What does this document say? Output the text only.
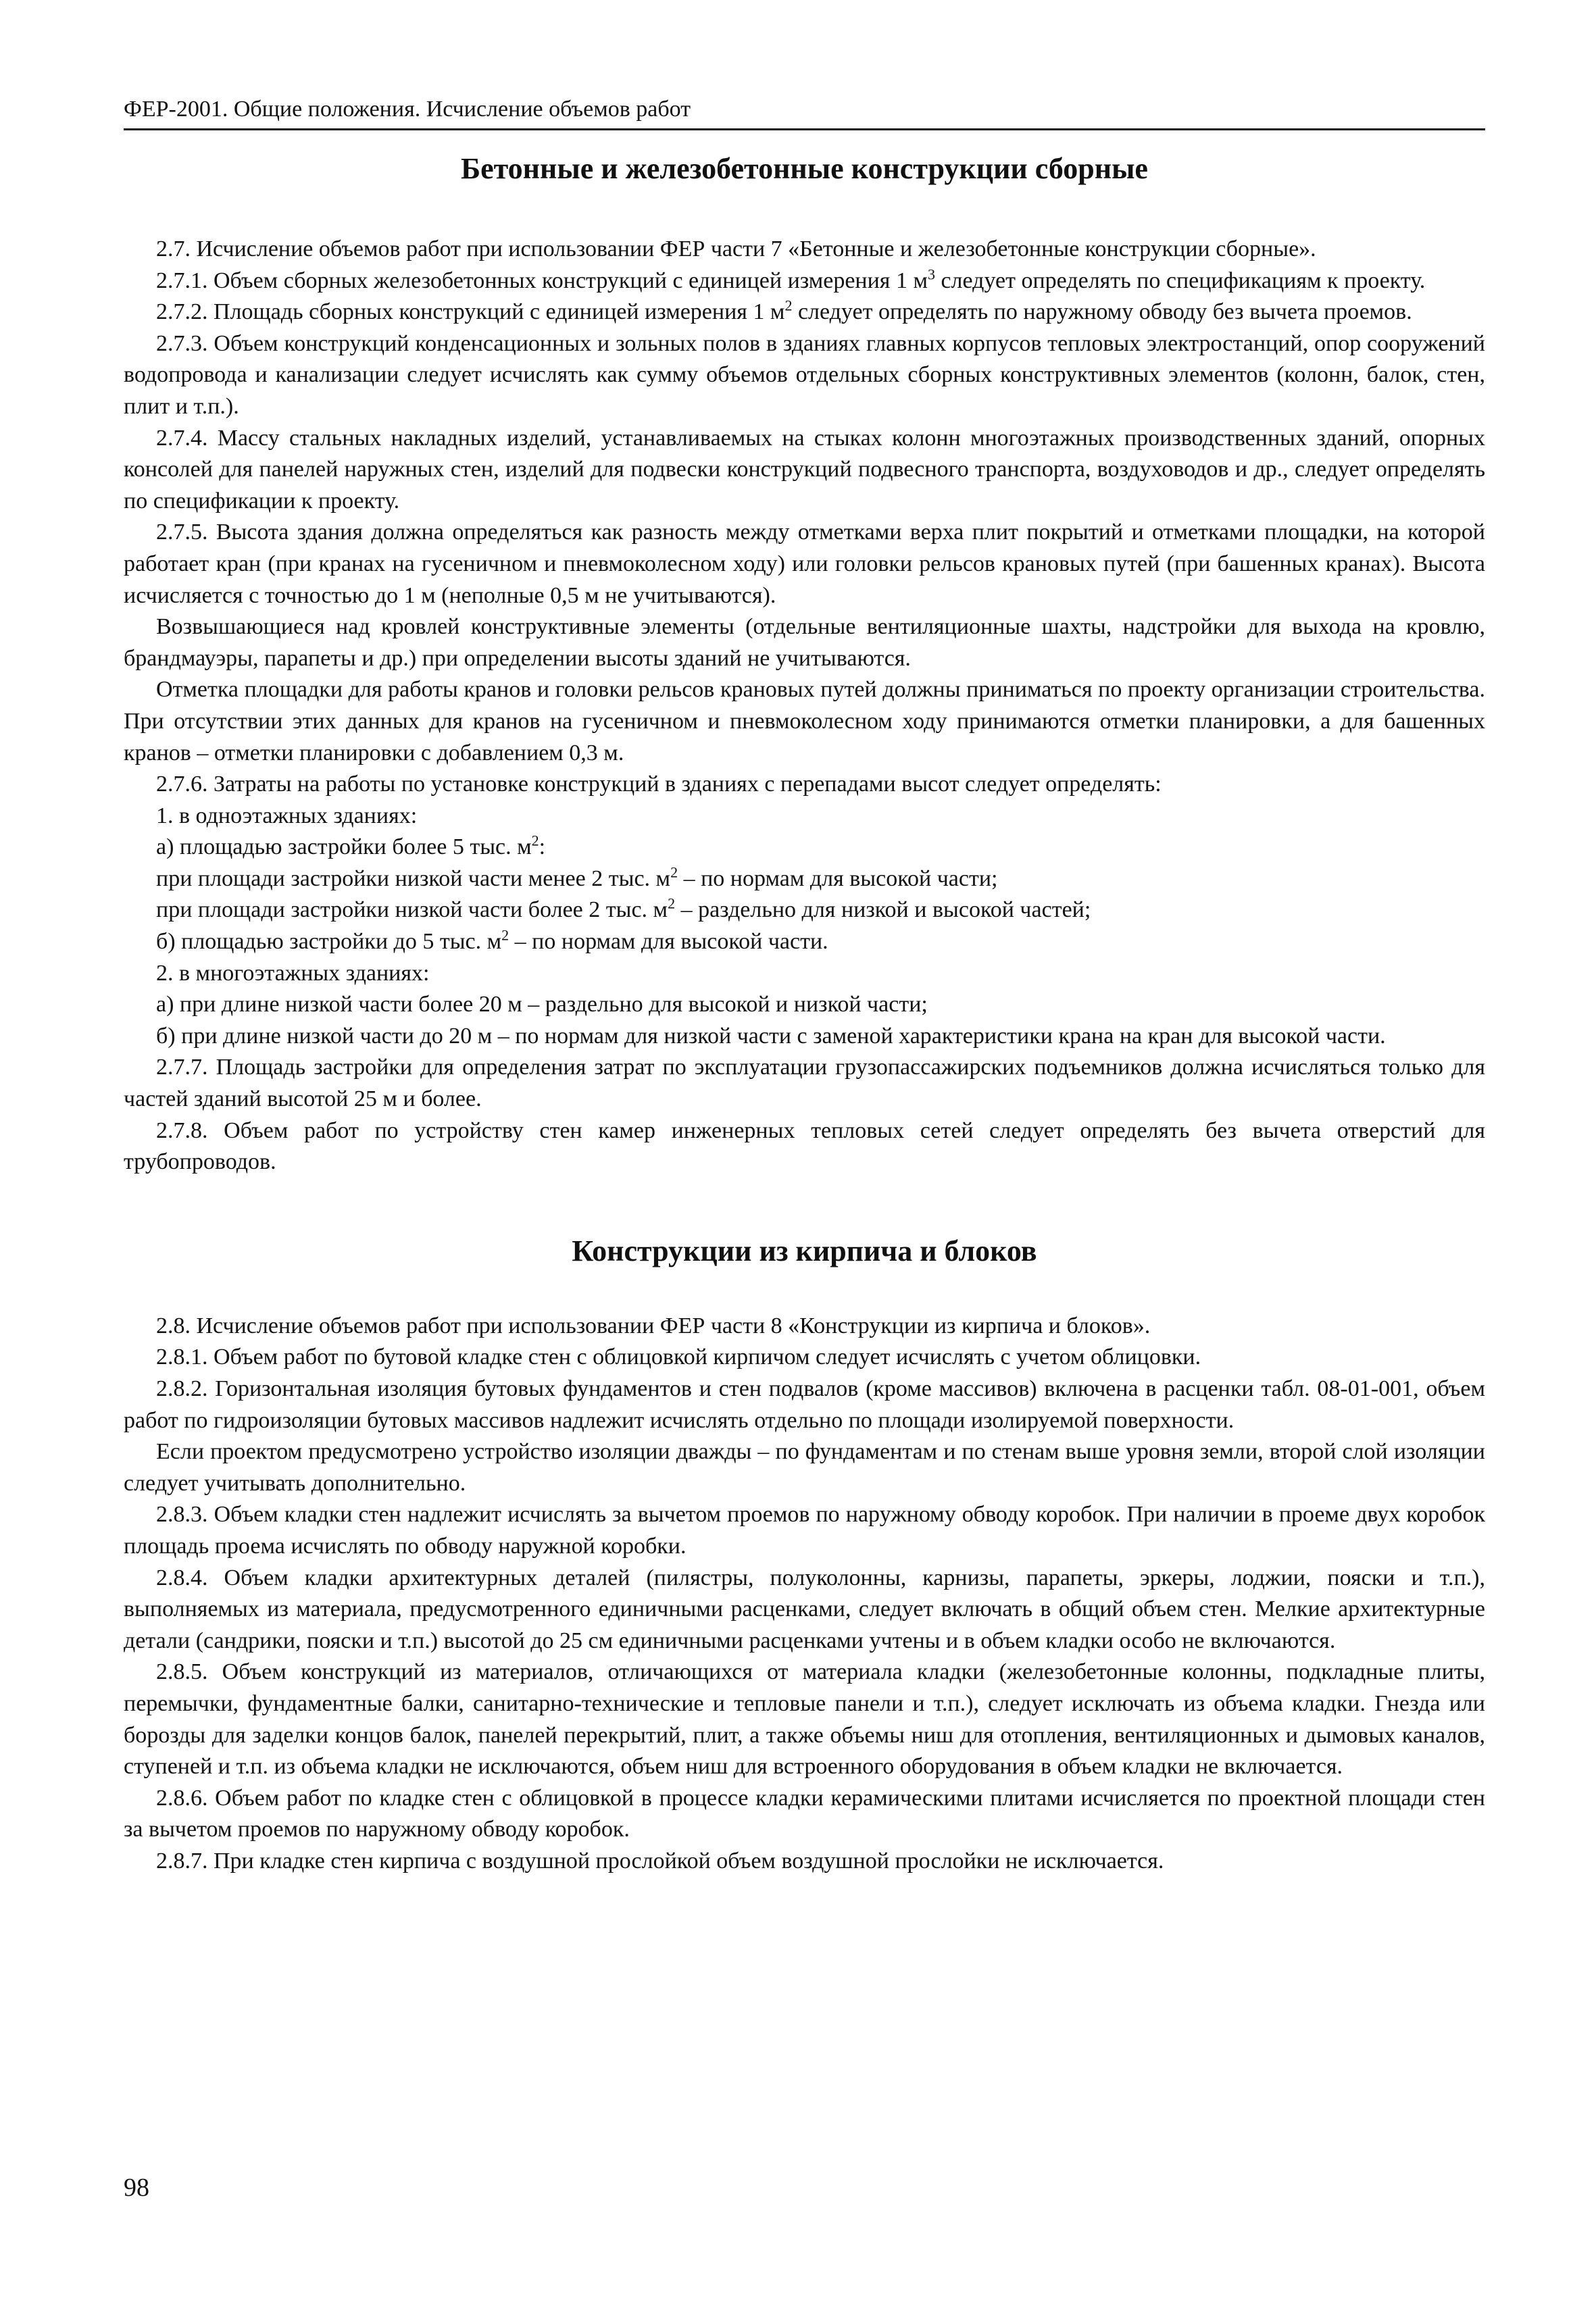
ФЕР-2001. Общие положения. Исчисление объемов работ
Бетонные и железобетонные конструкции сборные

2.7. Исчисление объемов работ при использовании ФЕР части 7 «Бетонные и железобетонные конструкции сборные».

2.7.1. Объем сборных железобетонных конструкций с единицей измерения 1 $м^3$ следует определять по спецификациям к проекту.

2.7.2. Площадь сборных конструкций с единицей измерения 1 $м^2$ следует определять по наружному обводу без вычета проемов.

2.7.3. Объем конструкций конденсационных и зольных полов в зданиях главных корпусов тепловых электростанций, опор сооружений водопровода и канализации следует исчислять как сумму объемов отдельных сборных конструктивных элементов (колонн, балок, стен, плит и т.п.).

2.7.4. Массу стальных накладных изделий, устанавливаемых на стыках колонн многоэтажных производственных зданий, опорных консолей для панелей наружных стен, изделий для подвески конструкций подвесного транспорта, воздуховодов и др., следует определять по спецификации к проекту.

2.7.5. Высота здания должна определяться как разность между отметками верха плит покрытий и отметками площадки, на которой работает кран (при кранах на гусеничном и пневмоколесном ходу) или головки рельсов крановых путей (при башенных кранах). Высота исчисляется с точностью до 1 м (неполные 0,5 м не учитываются).

Возвышающиеся над кровлей конструктивные элементы (отдельные вентиляционные шахты, надстройки для выхода на кровлю, брандмауэры, парапеты и др.) при определении высоты зданий не учитываются.

Отметка площадки для работы кранов и головки рельсов крановых путей должны приниматься по проекту организации строительства. При отсутствии этих данных для кранов на гусеничном и пневмоколесном ходу принимаются отметки планировки, а для башенных кранов – отметки планировки с добавлением 0,3 м.

2.7.6. Затраты на работы по установке конструкций в зданиях с перепадами высот следует определять:

1. в одноэтажных зданиях:

а) площадью застройки более 5 тыс. $м^2$:

при площади застройки низкой части менее 2 тыс. $м^2$ – по нормам для высокой части;

при площади застройки низкой части более 2 тыс. $м^2$ – раздельно для низкой и высокой частей;

б) площадью застройки до 5 тыс. $м^2$ – по нормам для высокой части.

2. в многоэтажных зданиях:

а) при длине низкой части более 20 м – раздельно для высокой и низкой части;

б) при длине низкой части до 20 м – по нормам для низкой части с заменой характеристики крана на кран для высокой части.

2.7.7. Площадь застройки для определения затрат по эксплуатации грузопассажирских подъемников должна исчисляться только для частей зданий высотой 25 м и более.

2.7.8. Объем работ по устройству стен камер инженерных тепловых сетей следует определять без вычета отверстий для трубопроводов.

Конструкции из кирпича и блоков

2.8. Исчисление объемов работ при использовании ФЕР части 8 «Конструкции из кирпича и блоков».

2.8.1. Объем работ по бутовой кладке стен с облицовкой кирпичом следует исчислять с учетом облицовки.

2.8.2. Горизонтальная изоляция бутовых фундаментов и стен подвалов (кроме массивов) включена в расценки табл. 08-01-001, объем работ по гидроизоляции бутовых массивов надлежит исчислять отдельно по площади изолируемой поверхности.

Если проектом предусмотрено устройство изоляции дважды – по фундаментам и по стенам выше уровня земли, второй слой изоляции следует учитывать дополнительно.

2.8.3. Объем кладки стен надлежит исчислять за вычетом проемов по наружному обводу коробок. При наличии в проеме двух коробок площадь проема исчислять по обводу наружной коробки.

2.8.4. Объем кладки архитектурных деталей (пилястры, полуколонны, карнизы, парапеты, эркеры, лоджии, пояски и т.п.), выполняемых из материала, предусмотренного единичными расценками, следует включать в общий объем стен. Мелкие архитектурные детали (сандрики, пояски и т.п.) высотой до 25 см единичными расценками учтены и в объем кладки особо не включаются.

2.8.5. Объем конструкций из материалов, отличающихся от материала кладки (железобетонные колонны, подкладные плиты, перемычки, фундаментные балки, санитарно-технические и тепловые панели и т.п.), следует исключать из объема кладки. Гнезда или борозды для заделки концов балок, панелей перекрытий, плит, а также объемы ниш для отопления, вентиляционных и дымовых каналов, ступеней и т.п. из объема кладки не исключаются, объем ниш для встроенного оборудования в объем кладки не включается.

2.8.6. Объем работ по кладке стен с облицовкой в процессе кладки керамическими плитами исчисляется по проектной площади стен за вычетом проемов по наружному обводу коробок.

2.8.7. При кладке стен кирпича с воздушной прослойкой объем воздушной прослойки не исключается.

98
